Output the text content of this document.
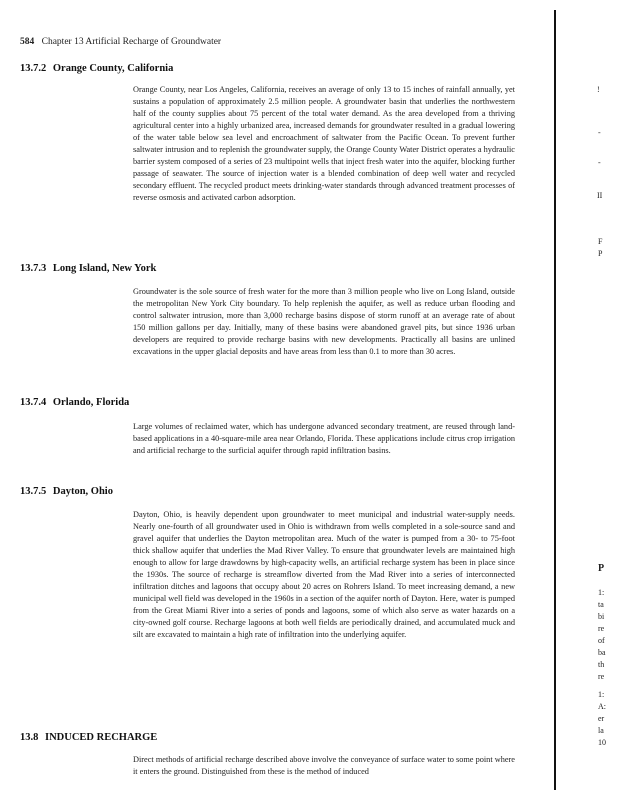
584 Chapter 13 Artificial Recharge of Groundwater
13.7.2 Orange County, California

Orange County, near Los Angeles, California, receives an average of only 13 to 15 inches of rainfall annually, yet sustains a population of approximately 2.5 million people. A groundwater basin that underlies the northwestern half of the county supplies about 75 percent of the total water demand. As the area developed from a thriving agricultural center into a highly urbanized area, increased demands for groundwater resulted in a gradual lowering of the water table below sea level and encroachment of saltwater from the Pacific Ocean. To prevent further saltwater intrusion and to replenish the groundwater supply, the Orange County Water District operates a hydraulic barrier system composed of a series of 23 multipoint wells that inject fresh water into the aquifer, blocking further passage of seawater. The source of injection water is a blended combination of deep well water and recycled secondary effluent. The recycled product meets drinking-water standards through advanced treatment processes of reverse osmosis and activated carbon adsorption.

13.7.3 Long Island, New York

Groundwater is the sole source of fresh water for the more than 3 million people who live on Long Island, outside the metropolitan New York City boundary. To help replenish the aquifer, as well as reduce urban flooding and control saltwater intrusion, more than 3,000 recharge basins dispose of storm runoff at an average rate of about 150 million gallons per day. Initially, many of these basins were abandoned gravel pits, but since 1936 urban developers are required to provide recharge basins with new developments. Practically all basins are unlined excavations in the upper glacial deposits and have areas from less than 0.1 to more than 30 acres.

13.7.4 Orlando, Florida

Large volumes of reclaimed water, which has undergone advanced secondary treatment, are reused through land-based applications in a 40-square-mile area near Orlando, Florida. These applications include citrus crop irrigation and artificial recharge to the surficial aquifer through rapid infiltration basins.

13.7.5 Dayton, Ohio

Dayton, Ohio, is heavily dependent upon groundwater to meet municipal and industrial water-supply needs. Nearly one-fourth of all groundwater used in Ohio is withdrawn from wells completed in a sole-source sand and gravel aquifer that underlies the Dayton metropolitan area. Much of the water is pumped from a 30- to 75-foot thick shallow aquifer that underlies the Mad River Valley. To ensure that groundwater levels are maintained high enough to allow for large drawdowns by high-capacity wells, an artificial recharge system has been in place since the 1930s. The source of recharge is streamflow diverted from the Mad River into a series of interconnected infiltration ditches and lagoons that occupy about 20 acres on Rohrers Island. To meet increasing demand, a new municipal well field was developed in the 1960s in a section of the aquifer north of Dayton. Here, water is pumped from the Great Miami River into a series of ponds and lagoons, some of which also serve as water hazards on a city-owned golf course. Recharge lagoons at both well fields are periodically drained, and accumulated muck and silt are excavated to maintain a high rate of infiltration into the underlying aquifer.

13.8 INDUCED RECHARGE

Direct methods of artificial recharge described above involve the conveyance of surface water to some point where it enters the ground. Distinguished from these is the method of induced

!
-
-
II
F
P
P
1:
ta
bi
re
of
ba
th
re
1:
A:
er
la
10
